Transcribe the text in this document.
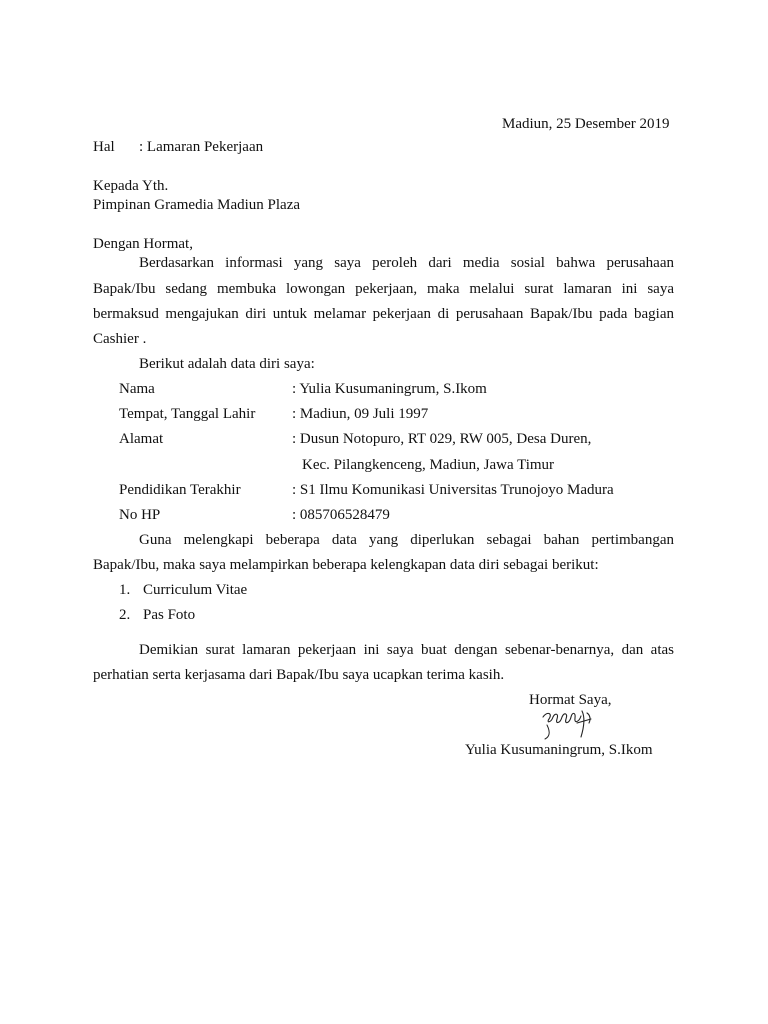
Madiun, 25 Desember 2019
Hal : Lamaran Pekerjaan
Kepada Yth.
Pimpinan Gramedia Madiun Plaza
Dengan Hormat,
Berdasarkan informasi yang saya peroleh dari media sosial bahwa perusahaan
Bapak/Ibu sedang membuka lowongan pekerjaan, maka melalui surat lamaran ini saya
bermaksud mengajukan diri untuk melamar pekerjaan di perusahaan Bapak/Ibu pada bagian
Cashier .
Berikut adalah data diri saya:
Nama	: Yulia Kusumaningrum, S.Ikom
Tempat, Tanggal Lahir : Madiun, 09 Juli 1997
Alamat	: Dusun Notopuro, RT 029, RW 005, Desa Duren,
Kec. Pilangkenceng, Madiun, Jawa Timur
Pendidikan Terakhir	: S1 Ilmu Komunikasi Universitas Trunojoyo Madura
No HP	: 085706528479
Guna melengkapi beberapa data yang diperlukan sebagai bahan pertimbangan
Bapak/Ibu, maka saya melampirkan beberapa kelengkapan data diri sebagai berikut:
1. Curriculum Vitae
2. Pas Foto
Demikian surat lamaran pekerjaan ini saya buat dengan sebenar-benarnya, dan atas
perhatian serta kerjasama dari Bapak/Ibu saya ucapkan terima kasih.
Hormat Saya,
Yulia Kusumaningrum, S.Ikom
